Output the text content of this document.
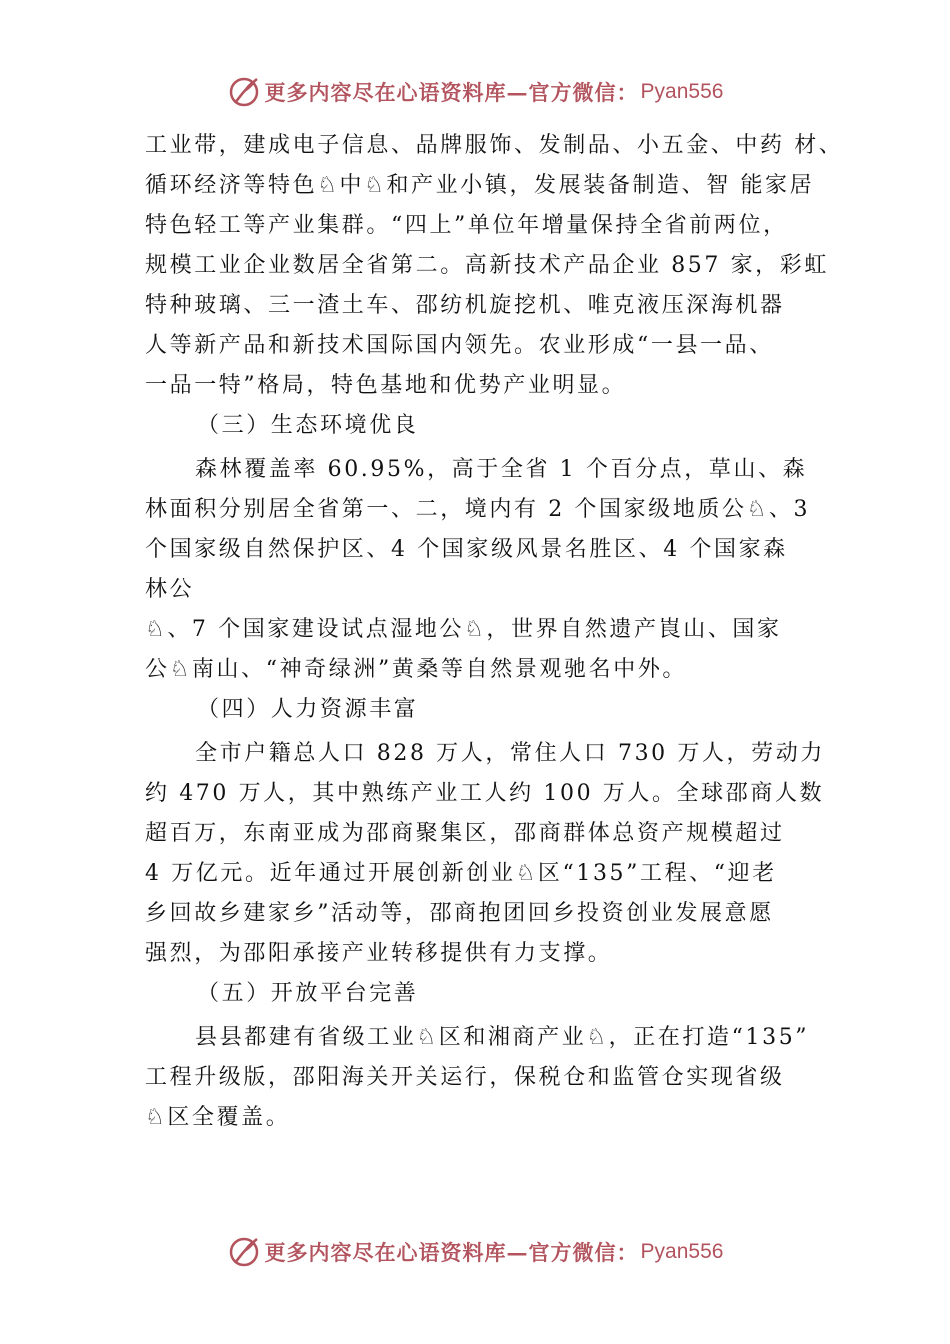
更多内容尽在心语资料库—官方微信： Pyan556

工业带，建成电子信息、品牌服饰、发制品、小五金、中药 材、

循环经济等特色♘中♘和产业小镇，发展装备制造、智 能家居

特色轻工等产业集群。“四上”单位年增量保持全省前两位，

规模工业企业数居全省第二。高新技术产品企业 857 家，彩虹

特种玻璃、三一渣土车、邵纺机旋挖机、唯克液压深海机器

人等新产品和新技术国际国内领先。农业形成“一县一品、

一品一特”格局，特色基地和优势产业明显。

（三）生态环境优良

森林覆盖率 60.95%，高于全省 1 个百分点，草山、森

林面积分别居全省第一、二，境内有 2 个国家级地质公♘、3

个国家级自然保护区、4 个国家级风景名胜区、4 个国家森

林公

♘、7 个国家建设试点湿地公♘，世界自然遗产崀山、国家

公♘南山、“神奇绿洲”黄桑等自然景观驰名中外。

（四）人力资源丰富

全市户籍总人口 828 万人，常住人口 730 万人，劳动力

约 470 万人，其中熟练产业工人约 100 万人。全球邵商人数

超百万，东南亚成为邵商聚集区，邵商群体总资产规模超过

4 万亿元。近年通过开展创新创业♘区“135”工程、“迎老

乡回故乡建家乡”活动等，邵商抱团回乡投资创业发展意愿

强烈，为邵阳承接产业转移提供有力支撑。

（五）开放平台完善

县县都建有省级工业♘区和湘商产业♘，正在打造“135”

工程升级版，邵阳海关开关运行，保税仓和监管仓实现省级

♘区全覆盖。

更多内容尽在心语资料库—官方微信： Pyan556
